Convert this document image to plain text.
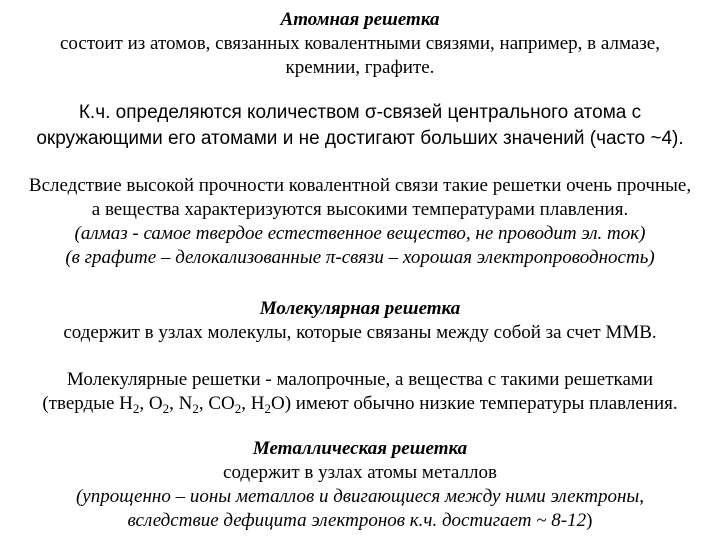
Атомная решетка
состоит из атомов, связанных ковалентными связями, например, в алмазе,
кремнии, графите.
К.ч. определяются количеством σ-связей центрального атома с
окружающими его атомами и не достигают больших значений (часто ~4).
Вследствие высокой прочности ковалентной связи такие решетки очень прочные,
а вещества характеризуются высокими температурами плавления.
(алмаз - самое твердое естественное вещество, не проводит эл. ток)
(в графите – делокализованные π-связи – хорошая электропроводность)
Молекулярная решетка
содержит в узлах молекулы, которые связаны между собой за счет ММВ.
Молекулярные решетки - малопрочные, а вещества с такими решетками
(твердые $H_2$, $O_2$, $N_2$, $CO_2$, $H_2O$) имеют обычно низкие температуры плавления.
Металлическая решетка
содержит в узлах атомы металлов
(упрощенно – ионы металлов и двигающиеся между ними электроны,
вследствие дефицита электронов к.ч. достигает ~ 8-12)
